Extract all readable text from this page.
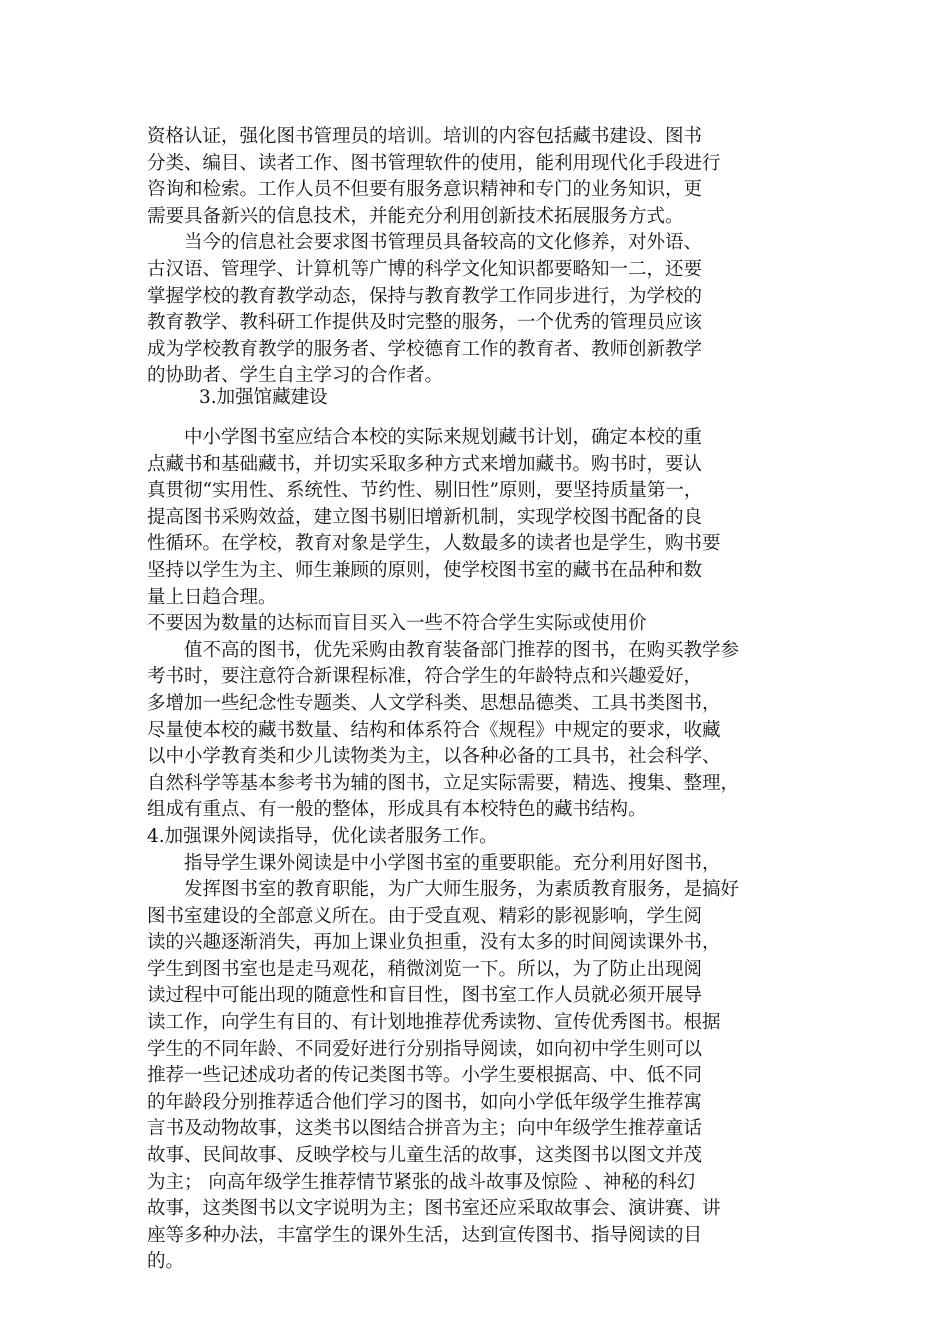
资格认证，强化图书管理员的培训。培训的内容包括藏书建设、图书
分类、编目、读者工作、图书管理软件的使用，能利用现代化手段进行
咨询和检索。工作人员不但要有服务意识精神和专门的业务知识，更
需要具备新兴的信息技术，并能充分利用创新技术拓展服务方式。
当今的信息社会要求图书管理员具备较高的文化修养，对外语、
古汉语、管理学、计算机等广博的科学文化知识都要略知一二，还要
掌握学校的教育教学动态，保持与教育教学工作同步进行，为学校的
教育教学、教科研工作提供及时完整的服务，一个优秀的管理员应该
成为学校教育教学的服务者、学校德育工作的教育者、教师创新教学
的协助者、学生自主学习的合作者。
3.加强馆藏建设
中小学图书室应结合本校的实际来规划藏书计划，确定本校的重
点藏书和基础藏书，并切实采取多种方式来增加藏书。购书时，要认
真贯彻“实用性、系统性、节约性、剔旧性”原则，要坚持质量第一，
提高图书采购效益，建立图书剔旧增新机制，实现学校图书配备的良
性循环。在学校，教育对象是学生，人数最多的读者也是学生，购书要
坚持以学生为主、师生兼顾的原则，使学校图书室的藏书在品种和数
量上日趋合理。
不要因为数量的达标而盲目买入一些不符合学生实际或使用价
值不高的图书，优先采购由教育装备部门推荐的图书，在购买教学参
考书时，要注意符合新课程标准，符合学生的年龄特点和兴趣爱好，
多增加一些纪念性专题类、人文学科类、思想品德类、工具书类图书，
尽量使本校的藏书数量、结构和体系符合《规程》中规定的要求，收藏
以中小学教育类和少儿读物类为主，以各种必备的工具书，社会科学、
自然科学等基本参考书为辅的图书，立足实际需要，精选、搜集、整理，
组成有重点、有一般的整体，形成具有本校特色的藏书结构。
4.加强课外阅读指导，优化读者服务工作。
指导学生课外阅读是中小学图书室的重要职能。充分利用好图书，
发挥图书室的教育职能，为广大师生服务，为素质教育服务，是搞好
图书室建设的全部意义所在。由于受直观、精彩的影视影响，学生阅
读的兴趣逐渐消失，再加上课业负担重，没有太多的时间阅读课外书，
学生到图书室也是走马观花，稍微浏览一下。所以，为了防止出现阅
读过程中可能出现的随意性和盲目性，图书室工作人员就必须开展导
读工作，向学生有目的、有计划地推荐优秀读物、宣传优秀图书。根据
学生的不同年龄、不同爱好进行分别指导阅读，如向初中学生则可以
推荐一些记述成功者的传记类图书等。小学生要根据高、中、低不同
的年龄段分别推荐适合他们学习的图书，如向小学低年级学生推荐寓
言书及动物故事，这类书以图结合拼音为主；向中年级学生推荐童话
故事、民间故事、反映学校与儿童生活的故事，这类图书以图文并茂
为主； 向高年级学生推荐情节紧张的战斗故事及惊险 、神秘的科幻
故事，这类图书以文字说明为主；图书室还应采取故事会、演讲赛、讲
座等多种办法，丰富学生的课外生活，达到宣传图书、指导阅读的目
的。
